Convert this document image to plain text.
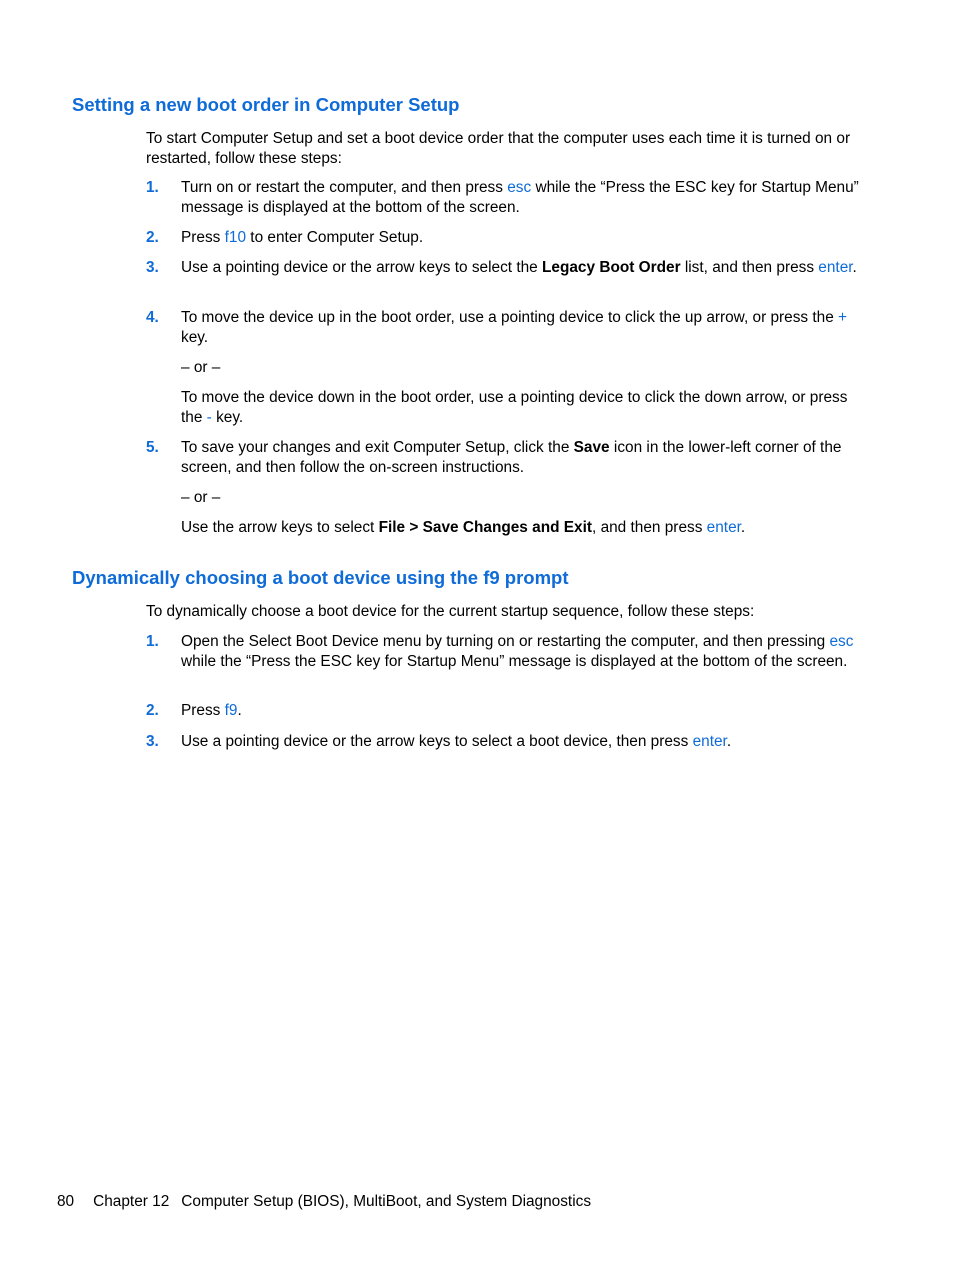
Setting a new boot order in Computer Setup

To start Computer Setup and set a boot device order that the computer uses each time it is turned on or restarted, follow these steps:

1. Turn on or restart the computer, and then press esc while the “Press the ESC key for Startup Menu” message is displayed at the bottom of the screen.
2. Press f10 to enter Computer Setup.
3. Use a pointing device or the arrow keys to select the Legacy Boot Order list, and then press enter.
4. To move the device up in the boot order, use a pointing device to click the up arrow, or press the + key.
– or –
To move the device down in the boot order, use a pointing device to click the down arrow, or press the - key.
5. To save your changes and exit Computer Setup, click the Save icon in the lower-left corner of the screen, and then follow the on-screen instructions.
– or –
Use the arrow keys to select File > Save Changes and Exit, and then press enter.
Dynamically choosing a boot device using the f9 prompt

To dynamically choose a boot device for the current startup sequence, follow these steps:

1. Open the Select Boot Device menu by turning on or restarting the computer, and then pressing esc while the “Press the ESC key for Startup Menu” message is displayed at the bottom of the screen.
2. Press f9.
3. Use a pointing device or the arrow keys to select a boot device, then press enter.
80 Chapter 12 Computer Setup (BIOS), MultiBoot, and System Diagnostics
